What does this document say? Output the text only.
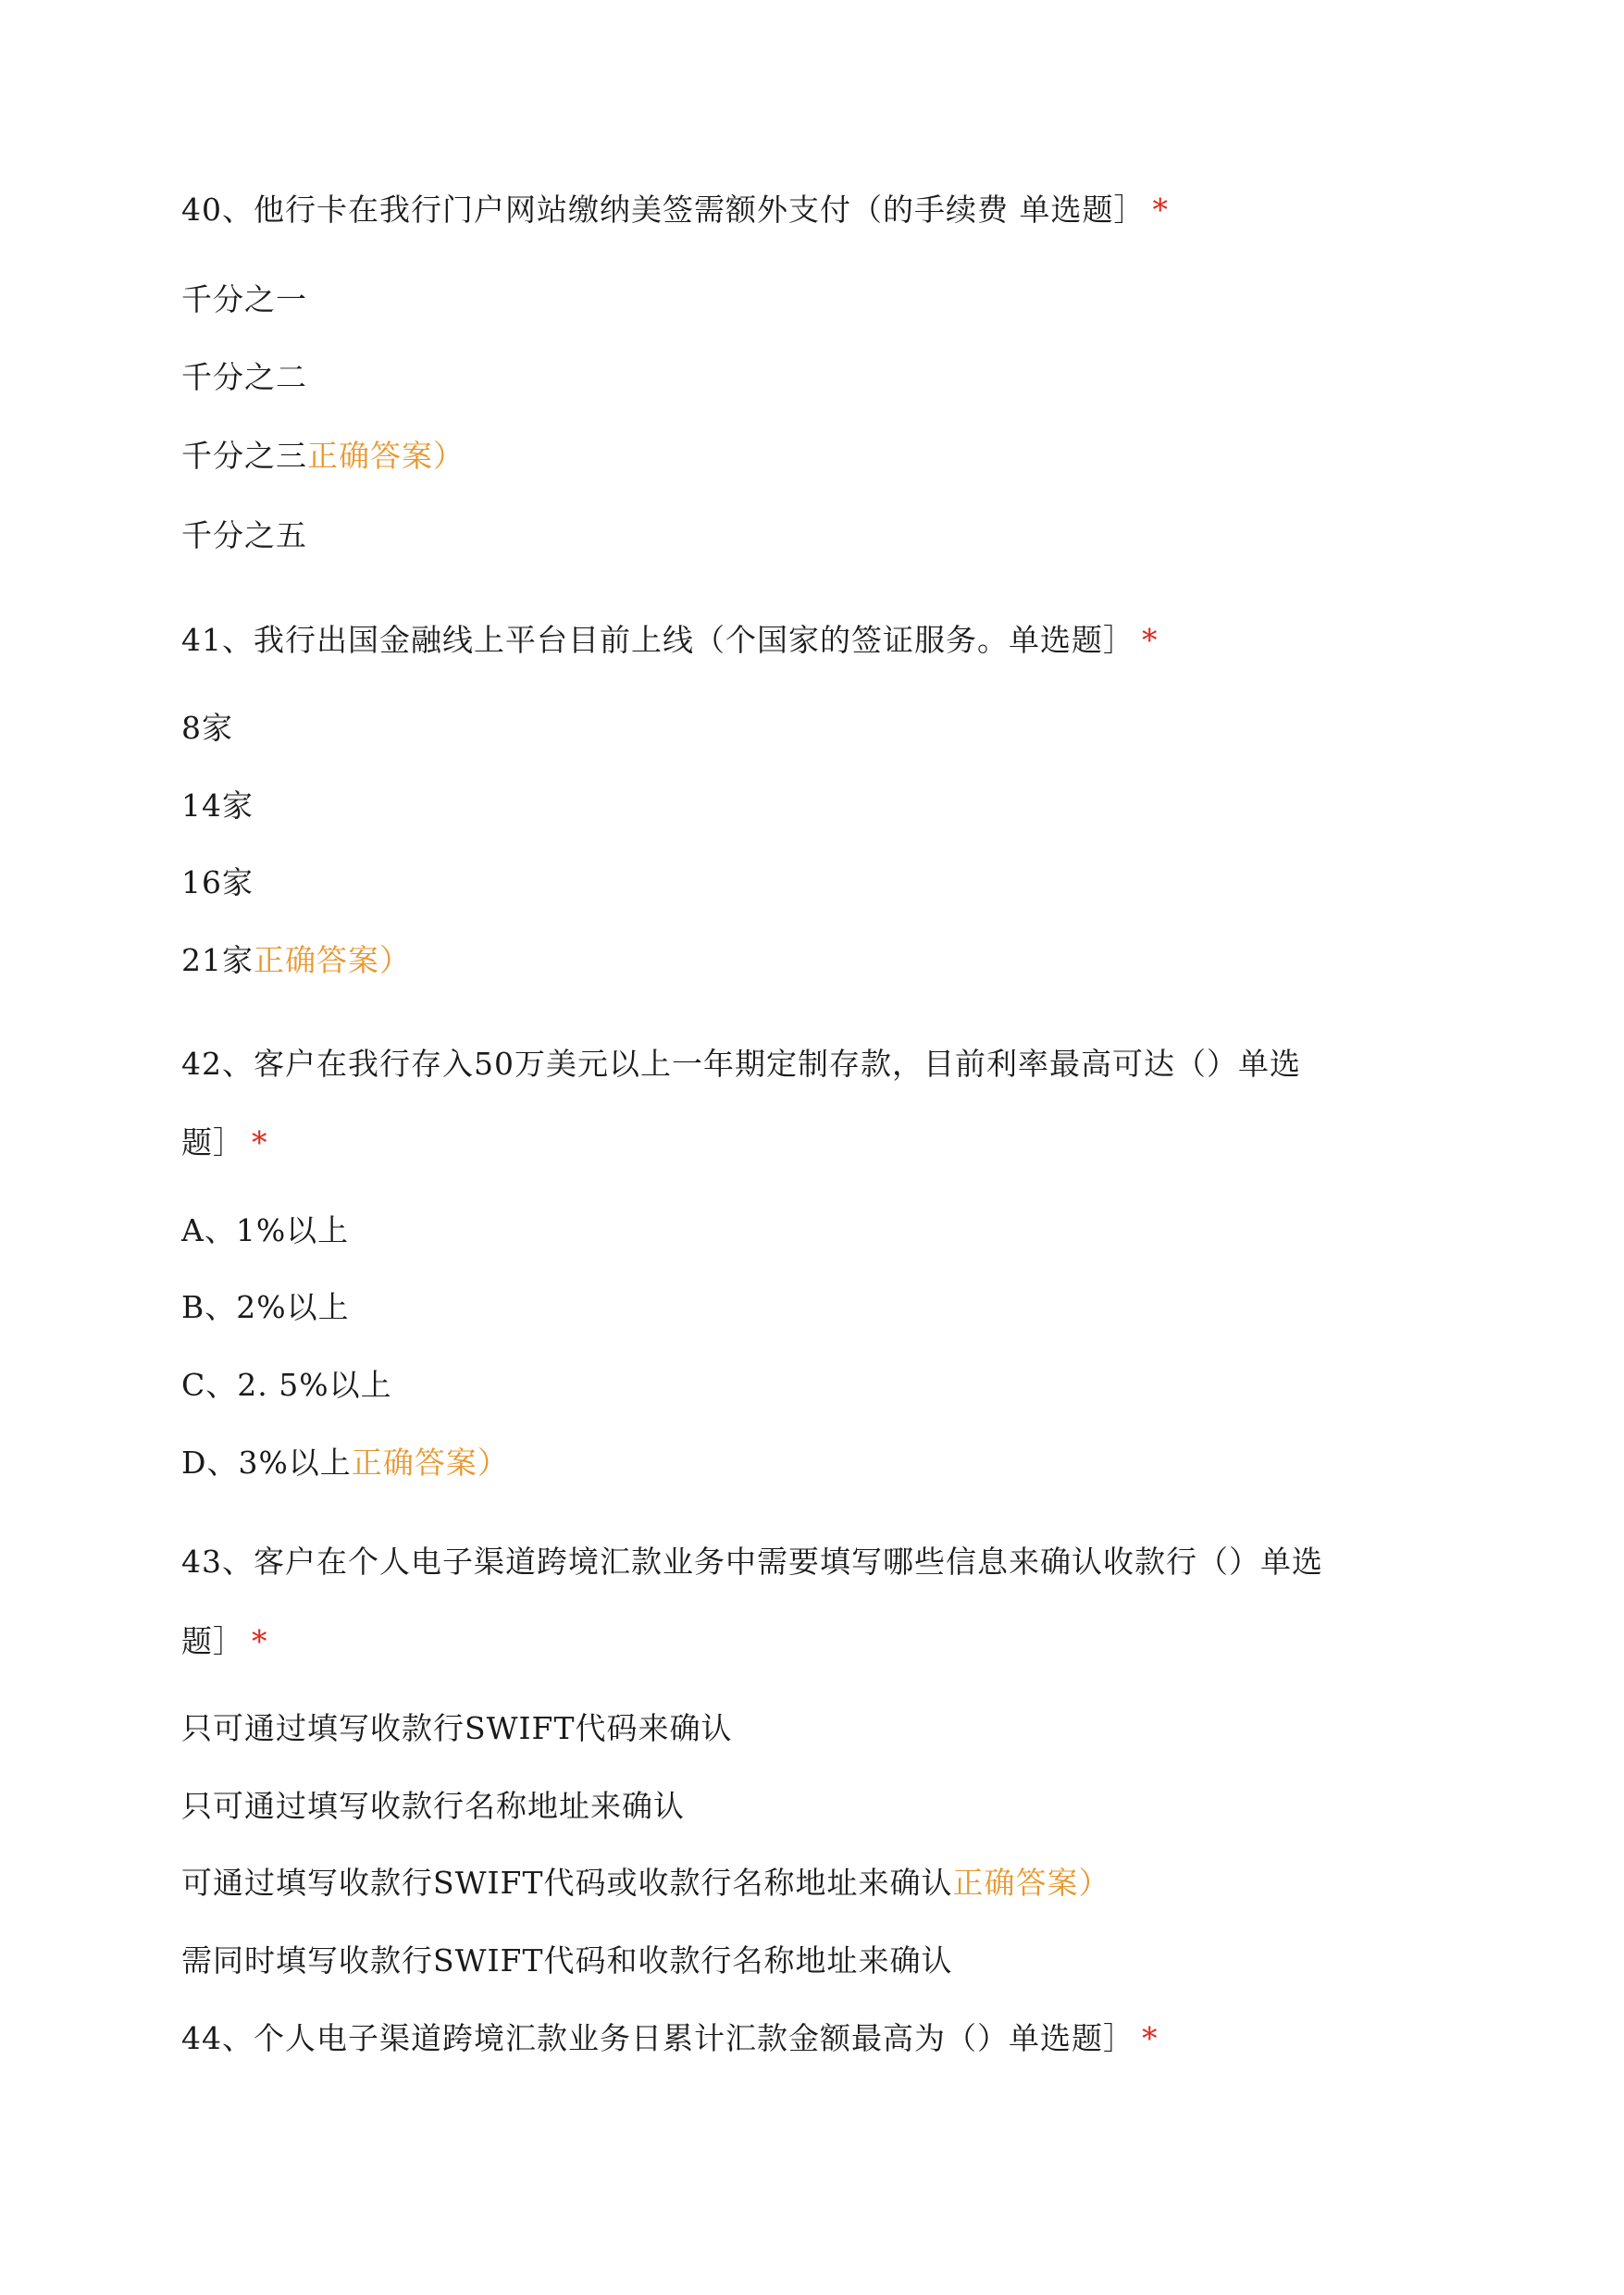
40、他行卡在我行门户网站缴纳美签需额外支付（的手续费 单选题］ *
千分之一
千分之二
千分之三正确答案）
千分之五
41、我行出国金融线上平台目前上线（个国家的签证服务。单选题］ *
8家
14家
16家
21家正确答案）
42、客户在我行存入50万美元以上一年期定制存款，目前利率最高可达（）单选
题］ *
A、1%以上
B、2%以上
C、2. 5%以上
D、3%以上正确答案）
43、客户在个人电子渠道跨境汇款业务中需要填写哪些信息来确认收款行（）单选
题］ *
只可通过填写收款行SWIFT代码来确认
只可通过填写收款行名称地址来确认
可通过填写收款行SWIFT代码或收款行名称地址来确认正确答案）
需同时填写收款行SWIFT代码和收款行名称地址来确认
44、个人电子渠道跨境汇款业务日累计汇款金额最高为（）单选题］ *
